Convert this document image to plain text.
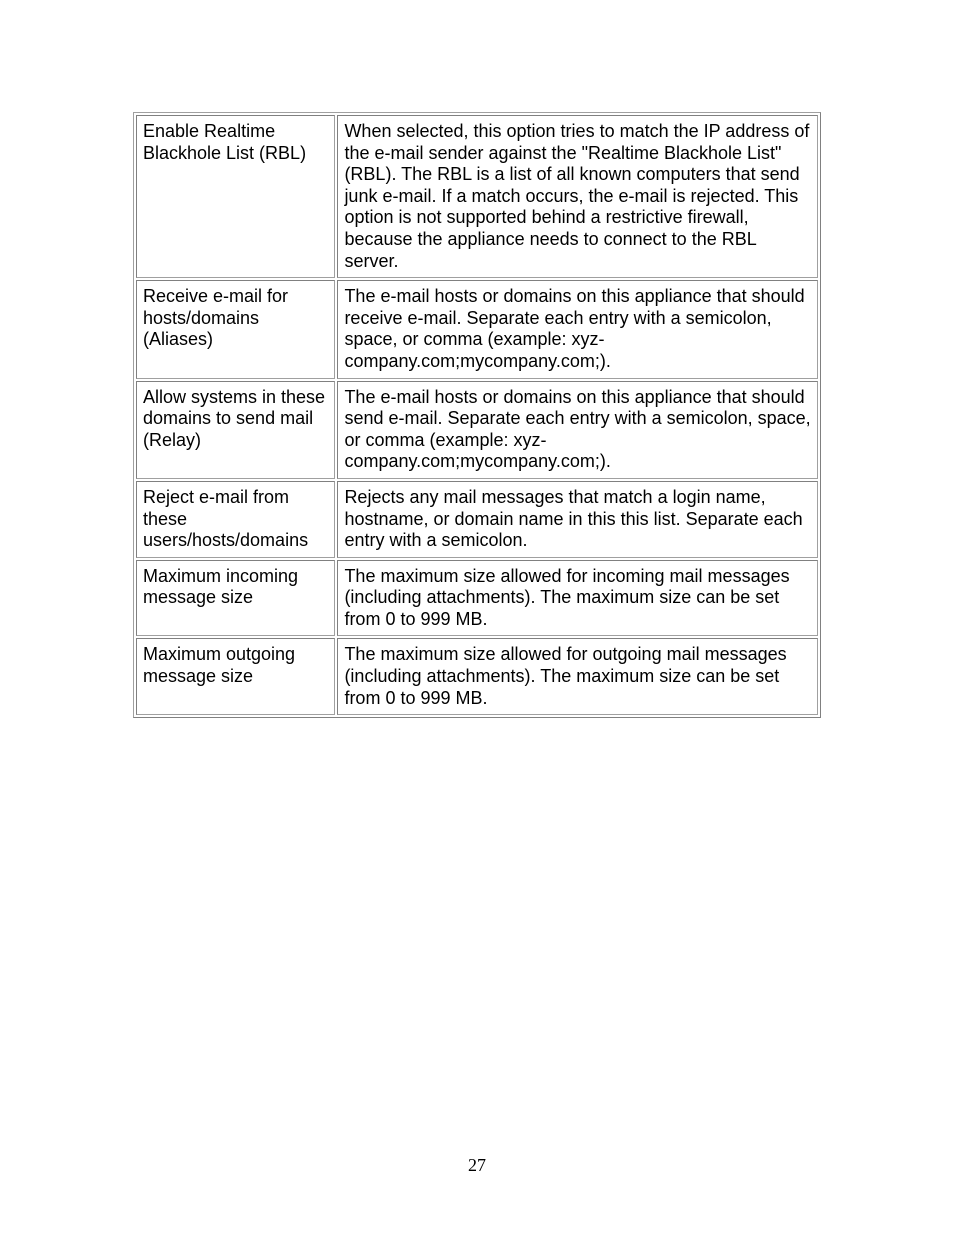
Enable Realtime Blackhole List (RBL)	When selected, this option tries to match the IP address of the e-mail sender against the "Realtime Blackhole List" (RBL). The RBL is a list of all known computers that send junk e-mail. If a match occurs, the e-mail is rejected. This option is not supported behind a restrictive firewall, because the appliance needs to connect to the RBL server.
Receive e-mail for hosts/domains (Aliases)	The e-mail hosts or domains on this appliance that should receive e-mail. Separate each entry with a semicolon, space, or comma (example: xyz-company.com;mycompany.com;).
Allow systems in these domains to send mail (Relay)	The e-mail hosts or domains on this appliance that should send e-mail. Separate each entry with a semicolon, space, or comma (example: xyz-company.com;mycompany.com;).
Reject e-mail from these users/hosts/domains	Rejects any mail messages that match a login name, hostname, or domain name in this this list. Separate each entry with a semicolon.
Maximum incoming message size	The maximum size allowed for incoming mail messages (including attachments). The maximum size can be set from 0 to 999 MB.
Maximum outgoing message size	The maximum size allowed for outgoing mail messages (including attachments). The maximum size can be set from 0 to 999 MB.
27
